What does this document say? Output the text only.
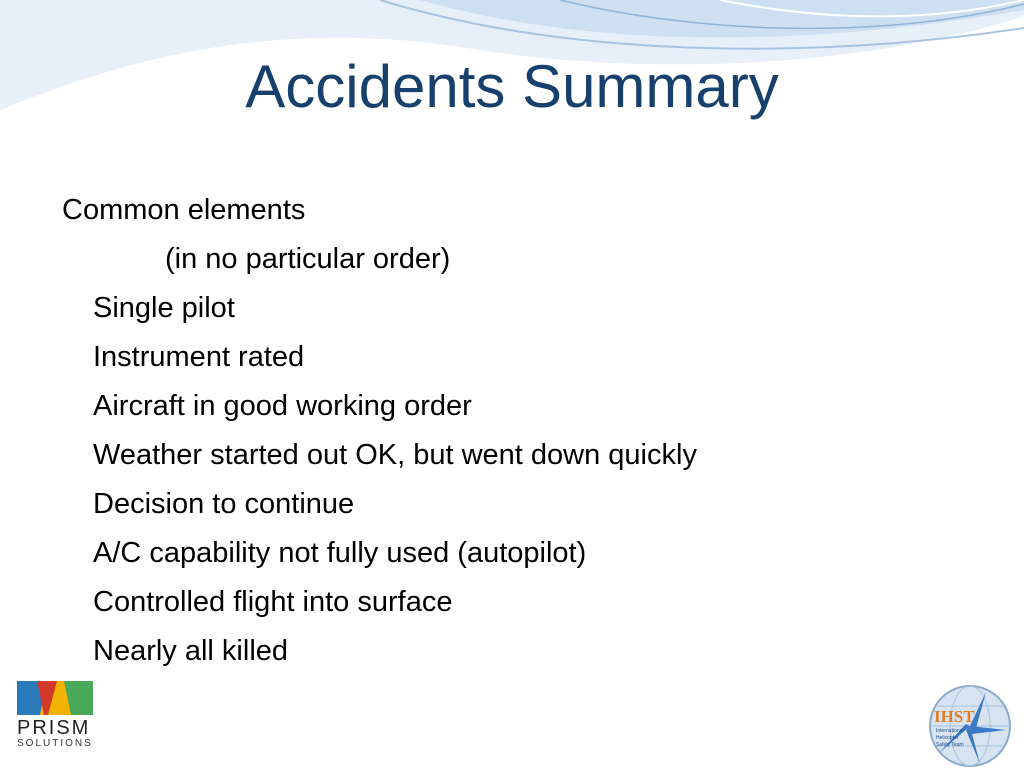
Accidents Summary
Common elements
(in no particular order)
Single pilot
Instrument rated
Aircraft in good working order
Weather started out OK, but went down quickly
Decision to continue
A/C capability not fully used (autopilot)
Controlled flight into surface
Nearly all killed
PRISM
SOLUTIONS
IHST
International
Helicopter
Safety Team
